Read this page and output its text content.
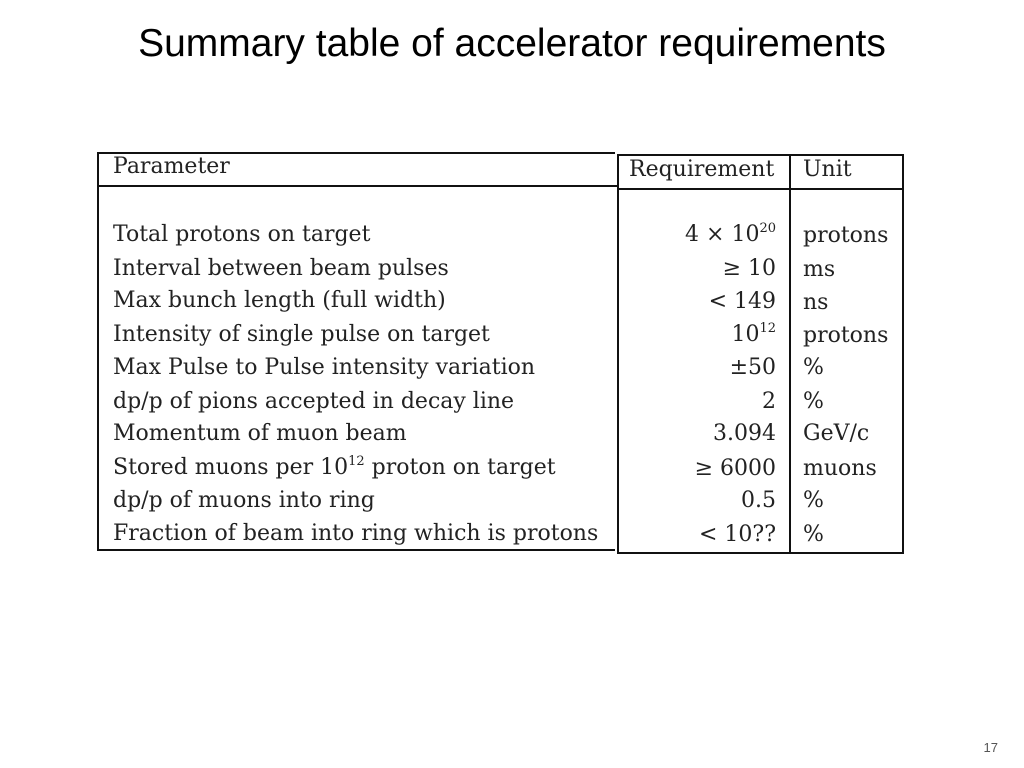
Summary table of accelerator requirements
Parameter	Requirement Unit
Total protons on target	$4 \times 10^{20}$ protons
Interval between beam pulses	≥ 10 ms
Max bunch length (full width)	< 149 ns
Intensity of single pulse on target	$10^{12}$ protons
Max Pulse to Pulse intensity variation	±50 %
dp/p of pions accepted in decay line	2 %
Momentum of muon beam	3.094 GeV/c
Stored muons per $10^{12}$ proton on target	≥ 6000 muons
dp/p of muons into ring	0.5 %
Fraction of beam into ring which is protons	< 10?? %
17
